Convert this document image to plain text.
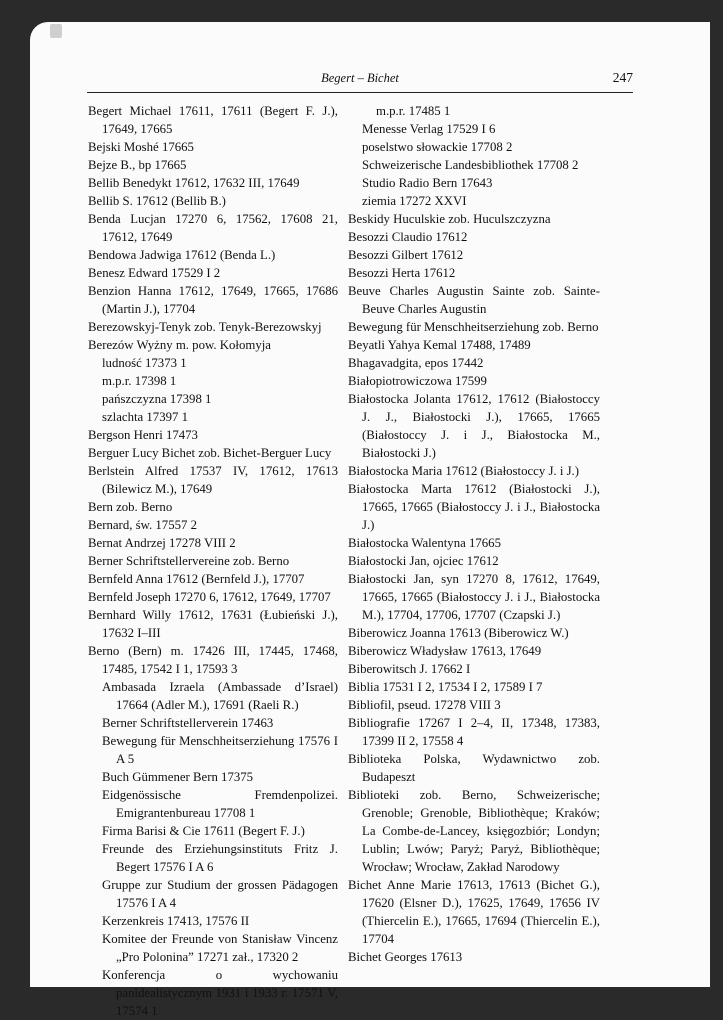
Begert – Bichet	247
Begert Michael 17611, 17611 (Begert F. J.), 17649, 17665
Bejski Moshé 17665
Bejze B., bp 17665
Bellib Benedykt 17612, 17632 III, 17649
Bellib S. 17612 (Bellib B.)
Benda Lucjan 17270 6, 17562, 17608 21, 17612, 17649
Bendowa Jadwiga 17612 (Benda L.)
Benesz Edward 17529 I 2
Benzion Hanna 17612, 17649, 17665, 17686 (Martin J.), 17704
Berezowskyj-Tenyk zob. Tenyk-Berezowskyj
Berezów Wyżny m. pow. Kołomyja
ludność 17373 1
m.p.r. 17398 1
pańszczyzna 17398 1
szlachta 17397 1
Bergson Henri 17473
Berguer Lucy Bichet zob. Bichet-Berguer Lucy
Berlstein Alfred 17537 IV, 17612, 17613 (Bilewicz M.), 17649
Bern zob. Berno
Bernard, św. 17557 2
Bernat Andrzej 17278 VIII 2
Berner Schriftstellervereine zob. Berno
Bernfeld Anna 17612 (Bernfeld J.), 17707
Bernfeld Joseph 17270 6, 17612, 17649, 17707
Bernhard Willy 17612, 17631 (Łubieński J.), 17632 I–III
Berno (Bern) m. 17426 III, 17445, 17468, 17485, 17542 I 1, 17593 3
Ambasada Izraela (Ambassade d’Israel) 17664 (Adler M.), 17691 (Raeli R.)
Berner Schriftstellerverein 17463
Bewegung für Menschheitserziehung 17576 I A 5
Buch Gümmener Bern 17375
Eidgenössische Fremdenpolizei. Emigrantenbureau 17708 1
Firma Barisi & Cie 17611 (Begert F. J.)
Freunde des Erziehungsinstituts Fritz J. Begert 17576 I A 6
Gruppe zur Studium der grossen Pädagogen 17576 I A 4
Kerzenkreis 17413, 17576 II
Komitee der Freunde von Stanisław Vincenz „Pro Polonina” 17271 zał., 17320 2
Konferencja o wychowaniu panidealistycznym 1931 i 1933 r. 17571 V, 17574 1
m.p.r. 17485 1
Menesse Verlag 17529 I 6
poselstwo słowackie 17708 2
Schweizerische Landesbibliothek 17708 2
Studio Radio Bern 17643
ziemia 17272 XXVI
Beskidy Huculskie zob. Huculszczyzna
Besozzi Claudio 17612
Besozzi Gilbert 17612
Besozzi Herta 17612
Beuve Charles Augustin Sainte zob. Sainte-Beuve Charles Augustin
Bewegung für Menschheitserziehung zob. Berno
Beyatli Yahya Kemal 17488, 17489
Bhagavadgita, epos 17442
Białopiotrowiczowa 17599
Białostocka Jolanta 17612, 17612 (Białostoccy J. J., Białostocki J.), 17665, 17665 (Białostoccy J. i J., Białostocka M., Białostocki J.)
Białostocka Maria 17612 (Białostoccy J. i J.)
Białostocka Marta 17612 (Białostocki J.), 17665, 17665 (Białostoccy J. i J., Białostocka J.)
Białostocka Walentyna 17665
Białostocki Jan, ojciec 17612
Białostocki Jan, syn 17270 8, 17612, 17649, 17665, 17665 (Białostoccy J. i J., Białostocka M.), 17704, 17706, 17707 (Czapski J.)
Biberowicz Joanna 17613 (Biberowicz W.)
Biberowicz Władysław 17613, 17649
Biberowitsch J. 17662 I
Biblia 17531 I 2, 17534 I 2, 17589 I 7
Bibliofil, pseud. 17278 VIII 3
Bibliografie 17267 I 2–4, II, 17348, 17383, 17399 II 2, 17558 4
Biblioteka Polska, Wydawnictwo zob. Budapeszt
Biblioteki zob. Berno, Schweizerische; Grenoble; Grenoble, Bibliothèque; Kraków; La Combe-de-Lancey, księgozbiór; Londyn; Lublin; Lwów; Paryż; Paryż, Bibliothèque; Wrocław; Wrocław, Zakład Narodowy
Bichet Anne Marie 17613, 17613 (Bichet G.), 17620 (Elsner D.), 17625, 17649, 17656 IV (Thiercelin E.), 17665, 17694 (Thiercelin E.), 17704
Bichet Georges 17613
